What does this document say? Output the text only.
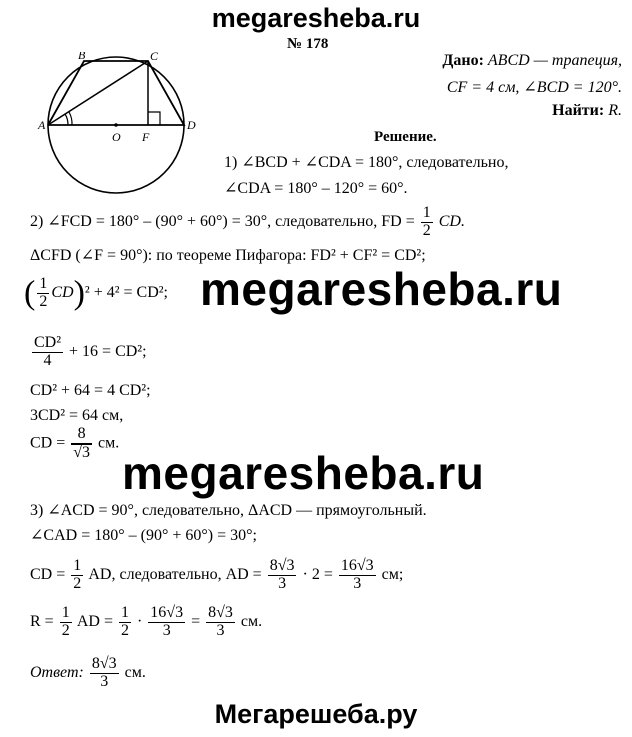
megaresheba.ru
№ 178
A
B	C
D
O F
Дано: ABCD — трапеция,
CF = 4 см, ∠BCD = 120°.
Найти: R.
Решение.
1) ∠BCD + ∠CDA = 180°, следовательно,
∠CDA = 180° – 120° = 60°.
2) ∠FCD = 180° – (90° + 60°) = 30°, следовательно, FD = $\frac{1}{2}$ CD.
ΔCFD (∠F = 90°): по теореме Пифагора: FD² + CF² = CD²;
( $\frac{1}{2} CD)^2 + 4^2 = CD^2$; megaresheba.ru
$\frac{\text{CD²}}{4} + 16 = CD^2$;
CD² + 64 = 4 CD²;
3CD² = 64 см,
CD = $\frac{8}{√3}$ см.
megaresheba.ru
3) ∠ACD = 90°, следовательно, ΔACD — прямоугольный.
∠CAD = 180° – (90° + 60°) = 30°;
CD = $\frac{1}{2}$ AD, следовательно, AD = $\frac{8√3}{3} \cdot 2 = \frac{16√3}{3}$ см;
$R = \frac{1}{2}$ AD = $\frac{1}{2} \cdot \frac{16√3}{3} = \frac{8√3}{3}$ см.
Ответ: $\frac{8√3}{3}$ см.
Мегарешеба.ру
